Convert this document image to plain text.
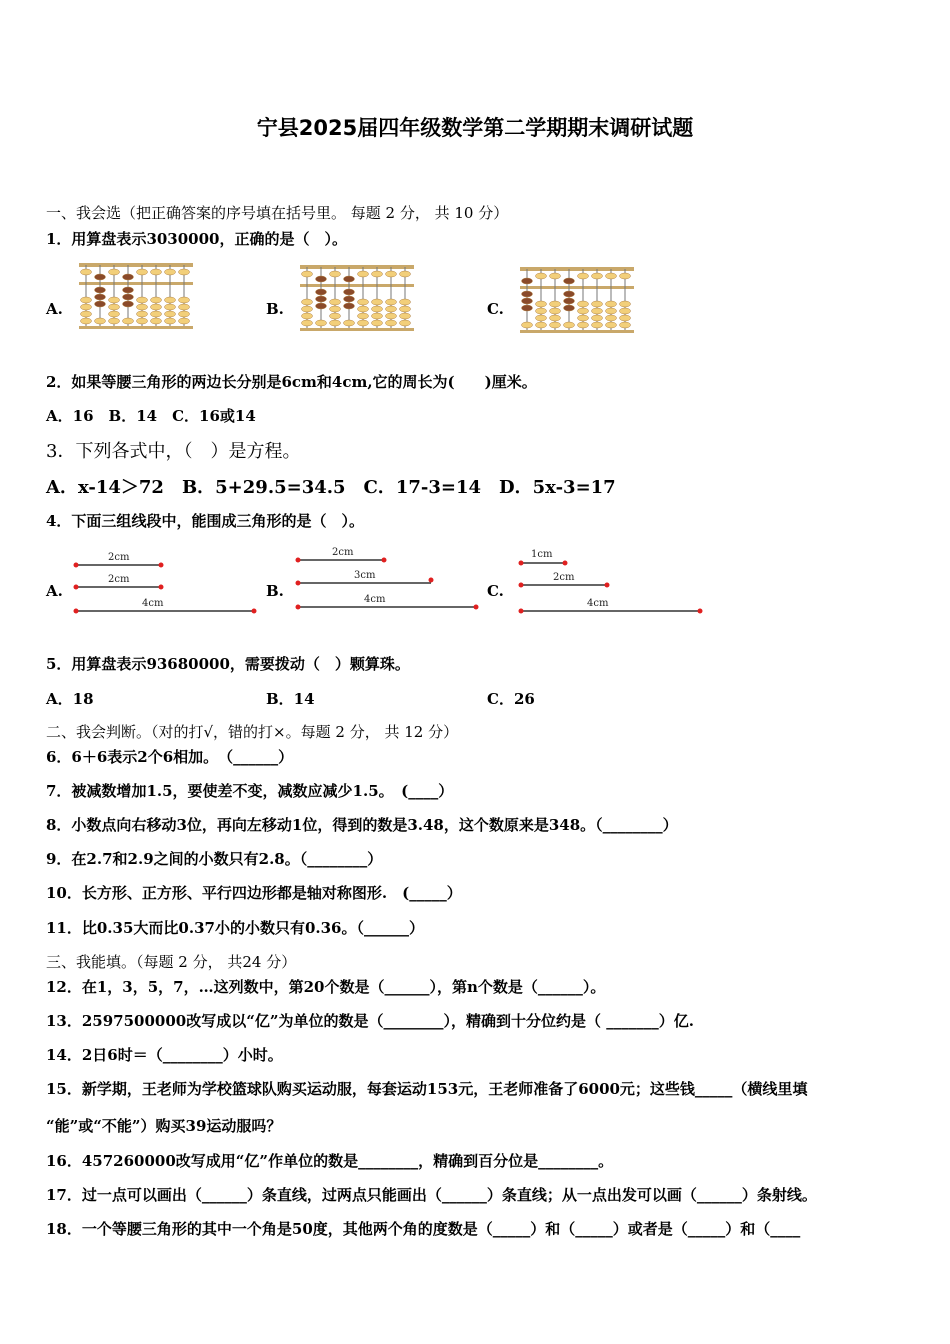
宁县2025届四年级数学第二学期期末调研试题
一、我会选（把正确答案的序号填在括号里。 每题 2 分， 共 10 分）
1．用算盘表示3030000，正确的是（　）。
A.	B.	C.
2．如果等腰三角形的两边长分别是6cm和4cm,它的周长为(　　)厘米。
A．16　B．14　C．16或14
3．下列各式中，（　）是方程。
A．x-14＞72　B．5+29.5=34.5　C．17-3=14　D．5x-3=17
4．下面三组线段中，能围成三角形的是（　）。
A.	B.	C.
2cm
2cm
4cm
2cm
3cm
4cm
1cm
2cm
4cm
5．用算盘表示93680000，需要拨动（　）颗算珠。
A．18	B．14	C．26
二、我会判断。（对的打√，错的打×。每题 2 分， 共 12 分）
6．6＋6表示2个6相加。　（______）
7．被减数增加1.5，要使差不变，减数应减少1.5。　(____）
8．小数点向右移动3位，再向左移动1位，得到的数是3.48，这个数原来是348。（________）
9．在2.7和2.9之间的小数只有2.8。（________）
10．长方形、正方形、平行四边形都是轴对称图形.　(_____）
11．比0.35大而比0.37小的小数只有0.36。（______）
三、我能填。（每题 2 分， 共24 分）
12．在1，3，5，7，…这列数中，第20个数是（______），第n个数是（______）。
13．2597500000改写成以“亿”为单位的数是（________），精确到十分位约是（ _______）亿.
14．2日6时＝（________）小时。
15．新学期，王老师为学校篮球队购买运动服，每套运动153元，王老师准备了6000元；这些钱_____（横线里填
“能”或“不能”）购买39运动服吗？
16．457260000改写成用“亿”作单位的数是________，精确到百分位是________。
17．过一点可以画出（______）条直线，过两点只能画出（______）条直线；从一点出发可以画（______）条射线。
18．一个等腰三角形的其中一个角是50度，其他两个角的度数是（_____）和（_____）或者是（_____）和（____
